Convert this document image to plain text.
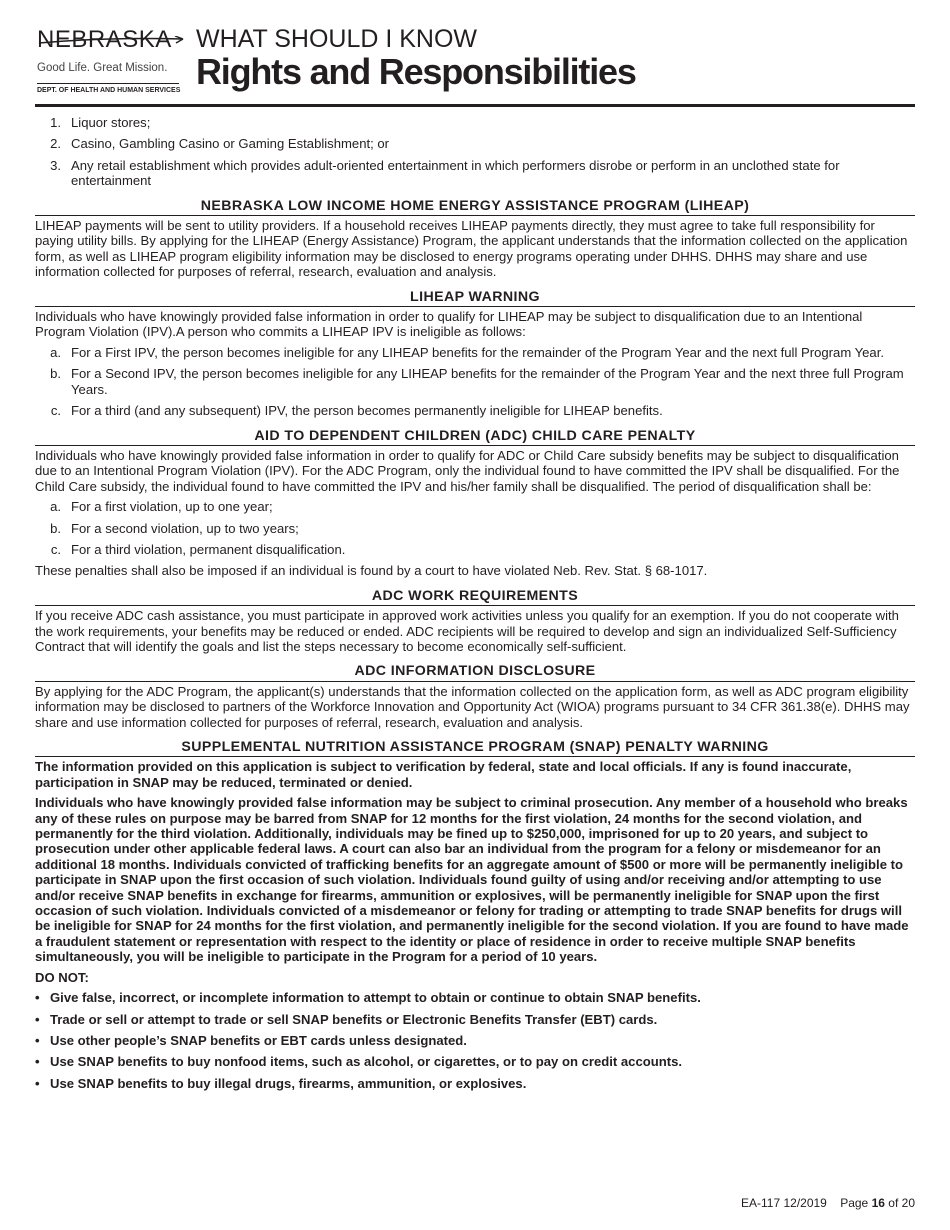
NEBRASKA
Good Life. Great Mission.
DEPT. OF HEALTH AND HUMAN SERVICES
WHAT SHOULD I KNOW
Rights and Responsibilities
1. Liquor stores;
2. Casino, Gambling Casino or Gaming Establishment; or
3. Any retail establishment which provides adult-oriented entertainment in which performers disrobe or perform in an unclothed state for entertainment
NEBRASKA LOW INCOME HOME ENERGY ASSISTANCE PROGRAM (LIHEAP)

LIHEAP payments will be sent to utility providers. If a household receives LIHEAP payments directly, they must agree to take full responsibility for paying utility bills. By applying for the LIHEAP (Energy Assistance) Program, the applicant understands that the information collected on the application form, as well as LIHEAP program eligibility information may be disclosed to energy programs operating under DHHS. DHHS may share and use information collected for purposes of referral, research, evaluation and analysis.

LIHEAP WARNING

Individuals who have knowingly provided false information in order to qualify for LIHEAP may be subject to disqualification due to an Intentional Program Violation (IPV).A person who commits a LIHEAP IPV is ineligible as follows:

a. For a First IPV, the person becomes ineligible for any LIHEAP benefits for the remainder of the Program Year and the next full Program Year.
b. For a Second IPV, the person becomes ineligible for any LIHEAP benefits for the remainder of the Program Year and the next three full Program Years.
c. For a third (and any subsequent) IPV, the person becomes permanently ineligible for LIHEAP benefits.
AID TO DEPENDENT CHILDREN (ADC) CHILD CARE PENALTY

Individuals who have knowingly provided false information in order to qualify for ADC or Child Care subsidy benefits may be subject to disqualification due to an Intentional Program Violation (IPV). For the ADC Program, only the individual found to have committed the IPV shall be disqualified. For the Child Care subsidy, the individual found to have committed the IPV and his/her family shall be disqualified. The period of disqualification shall be:

a. For a first violation, up to one year;
b. For a second violation, up to two years;
c. For a third violation, permanent disqualification.

These penalties shall also be imposed if an individual is found by a court to have violated Neb. Rev. Stat. § 68-1017.

ADC WORK REQUIREMENTS

If you receive ADC cash assistance, you must participate in approved work activities unless you qualify for an exemption. If you do not cooperate with the work requirements, your benefits may be reduced or ended. ADC recipients will be required to develop and sign an individualized Self-Sufficiency Contract that will identify the goals and list the steps necessary to become economically self-sufficient.

ADC INFORMATION DISCLOSURE

By applying for the ADC Program, the applicant(s) understands that the information collected on the application form, as well as ADC program eligibility information may be disclosed to partners of the Workforce Innovation and Opportunity Act (WIOA) programs pursuant to 34 CFR 361.38(e). DHHS may share and use information collected for purposes of referral, research, evaluation and analysis.

SUPPLEMENTAL NUTRITION ASSISTANCE PROGRAM (SNAP) PENALTY WARNING

The information provided on this application is subject to verification by federal, state and local officials. If any is found inaccurate, participation in SNAP may be reduced, terminated or denied.

Individuals who have knowingly provided false information may be subject to criminal prosecution. Any member of a household who breaks any of these rules on purpose may be barred from SNAP for 12 months for the first violation, 24 months for the second violation, and permanently for the third violation. Additionally, individuals may be fined up to $250,000, imprisoned for up to 20 years, and subject to prosecution under other applicable federal laws. A court can also bar an individual from the program for a felony or misdemeanor for an additional 18 months. Individuals convicted of trafficking benefits for an aggregate amount of $500 or more will be permanently ineligible to participate in SNAP upon the first occasion of such violation. Individuals found guilty of using and/or receiving and/or attempting to use and/or receive SNAP benefits in exchange for firearms, ammunition or explosives, will be permanently ineligible for SNAP upon the first occasion of such violation. Individuals convicted of a misdemeanor or felony for trading or attempting to trade SNAP benefits for drugs will be ineligible for SNAP for 24 months for the first violation, and permanently ineligible for the second violation. If you are found to have made a fraudulent statement or representation with respect to the identity or place of residence in order to receive multiple SNAP benefits simultaneously, you will be ineligible to participate in the Program for a period of 10 years.

DO NOT:

• Give false, incorrect, or incomplete information to attempt to obtain or continue to obtain SNAP benefits.
• Trade or sell or attempt to trade or sell SNAP benefits or Electronic Benefits Transfer (EBT) cards.
• Use other people’s SNAP benefits or EBT cards unless designated.
• Use SNAP benefits to buy nonfood items, such as alcohol, or cigarettes, or to pay on credit accounts.
• Use SNAP benefits to buy illegal drugs, firearms, ammunition, or explosives.
EA-117 12/2019 Page 16 of 20
